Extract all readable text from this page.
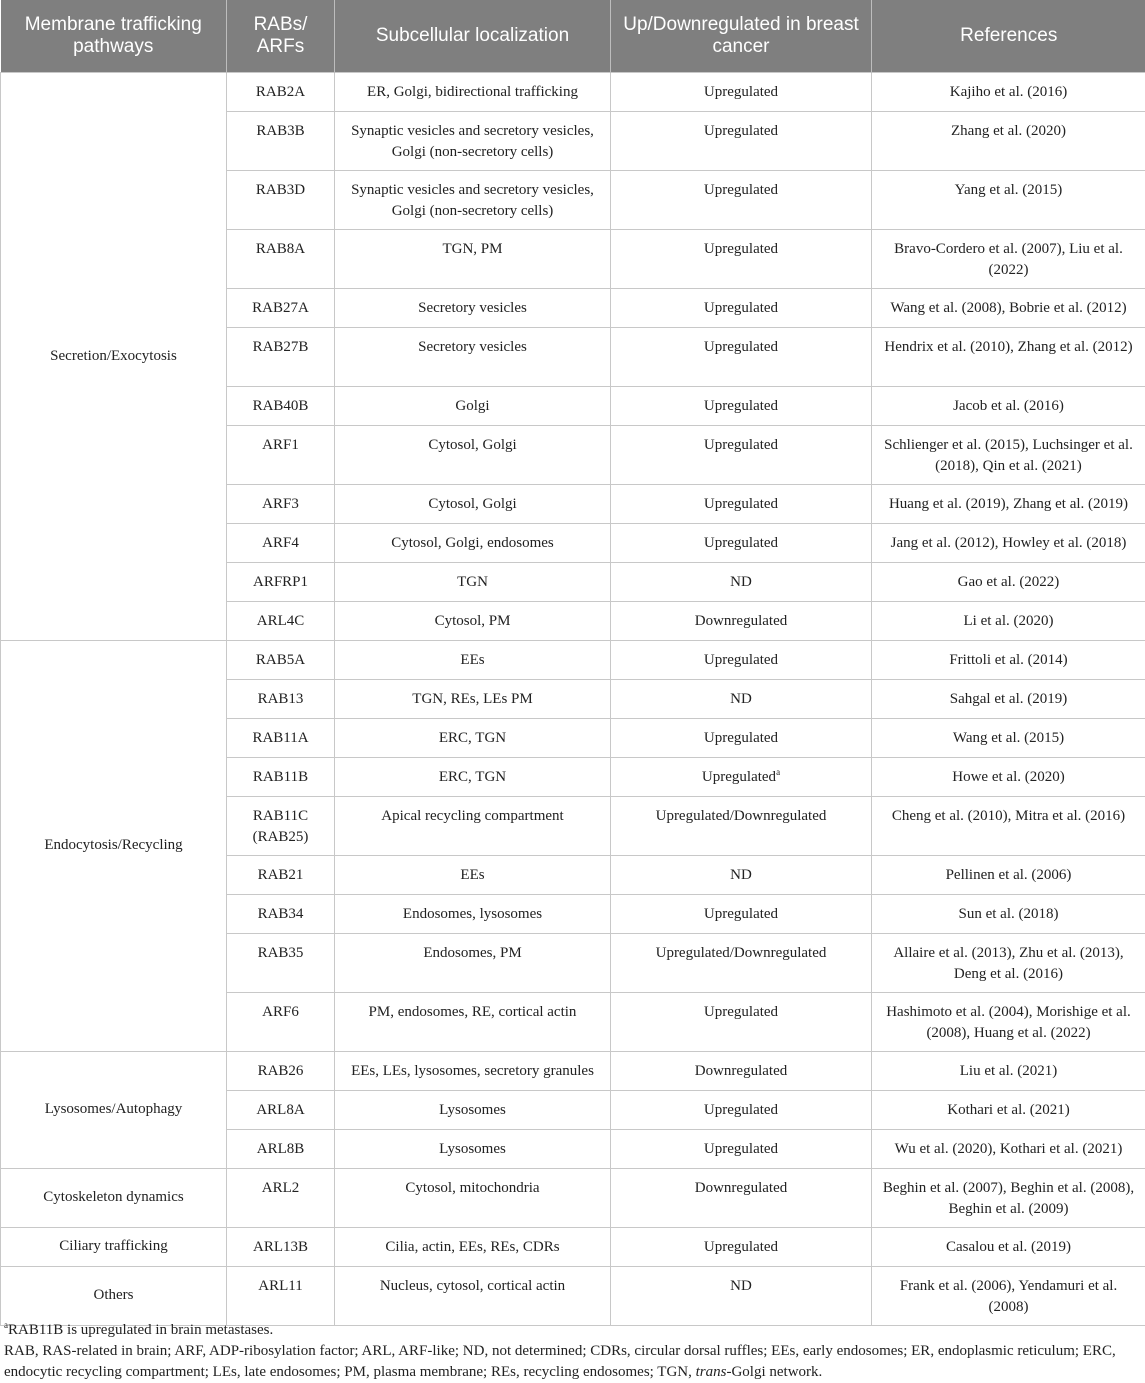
Membrane trafficking pathways	RABs/ ARFs	Subcellular localization	Up/Downregulated in breast cancer	References
Secretion/Exocytosis	RAB2A	ER, Golgi, bidirectional trafficking	Upregulated	Kajiho et al. (2016)
	RAB3B	Synaptic vesicles and secretory vesicles, Golgi (non-secretory cells)	Upregulated	Zhang et al. (2020)
	RAB3D	Synaptic vesicles and secretory vesicles, Golgi (non-secretory cells)	Upregulated	Yang et al. (2015)
	RAB8A	TGN, PM	Upregulated	Bravo-Cordero et al. (2007), Liu et al. (2022)
	RAB27A	Secretory vesicles	Upregulated	Wang et al. (2008), Bobrie et al. (2012)
	RAB27B	Secretory vesicles	Upregulated	Hendrix et al. (2010), Zhang et al. (2012)
	RAB40B	Golgi	Upregulated	Jacob et al. (2016)
	ARF1	Cytosol, Golgi	Upregulated	Schlienger et al. (2015), Luchsinger et al. (2018), Qin et al. (2021)
	ARF3	Cytosol, Golgi	Upregulated	Huang et al. (2019), Zhang et al. (2019)
	ARF4	Cytosol, Golgi, endosomes	Upregulated	Jang et al. (2012), Howley et al. (2018)
	ARFRP1	TGN	ND	Gao et al. (2022)
	ARL4C	Cytosol, PM	Downregulated	Li et al. (2020)
Endocytosis/Recycling	RAB5A	EEs	Upregulated	Frittoli et al. (2014)
	RAB13	TGN, REs, LEs PM	ND	Sahgal et al. (2019)
	RAB11A	ERC, TGN	Upregulated	Wang et al. (2015)
	RAB11B	ERC, TGN	Upregulated$^a$	Howe et al. (2020)
	RAB11C (RAB25)	Apical recycling compartment	Upregulated/Downregulated	Cheng et al. (2010), Mitra et al. (2016)
	RAB21	EEs	ND	Pellinen et al. (2006)
	RAB34	Endosomes, lysosomes	Upregulated	Sun et al. (2018)
	RAB35	Endosomes, PM	Upregulated/Downregulated	Allaire et al. (2013), Zhu et al. (2013), Deng et al. (2016)
	ARF6	PM, endosomes, RE, cortical actin	Upregulated	Hashimoto et al. (2004), Morishige et al. (2008), Huang et al. (2022)
Lysosomes/Autophagy	RAB26	EEs, LEs, lysosomes, secretory granules	Downregulated	Liu et al. (2021)
	ARL8A	Lysosomes	Upregulated	Kothari et al. (2021)
	ARL8B	Lysosomes	Upregulated	Wu et al. (2020), Kothari et al. (2021)
Cytoskeleton dynamics	ARL2	Cytosol, mitochondria	Downregulated	Beghin et al. (2007), Beghin et al. (2008), Beghin et al. (2009)
Ciliary trafficking	ARL13B	Cilia, actin, EEs, REs, CDRs	Upregulated	Casalou et al. (2019)
Others	ARL11	Nucleus, cytosol, cortical actin	ND	Frank et al. (2006), Yendamuri et al. (2008)

$^a$RAB11B is upregulated in brain metastases.

RAB, RAS-related in brain; ARF, ADP-ribosylation factor; ARL, ARF-like; ND, not determined; CDRs, circular dorsal ruffles; EEs, early endosomes; ER, endoplasmic reticulum; ERC, endocytic recycling compartment; LEs, late endosomes; PM, plasma membrane; REs, recycling endosomes; TGN, trans-Golgi network.
